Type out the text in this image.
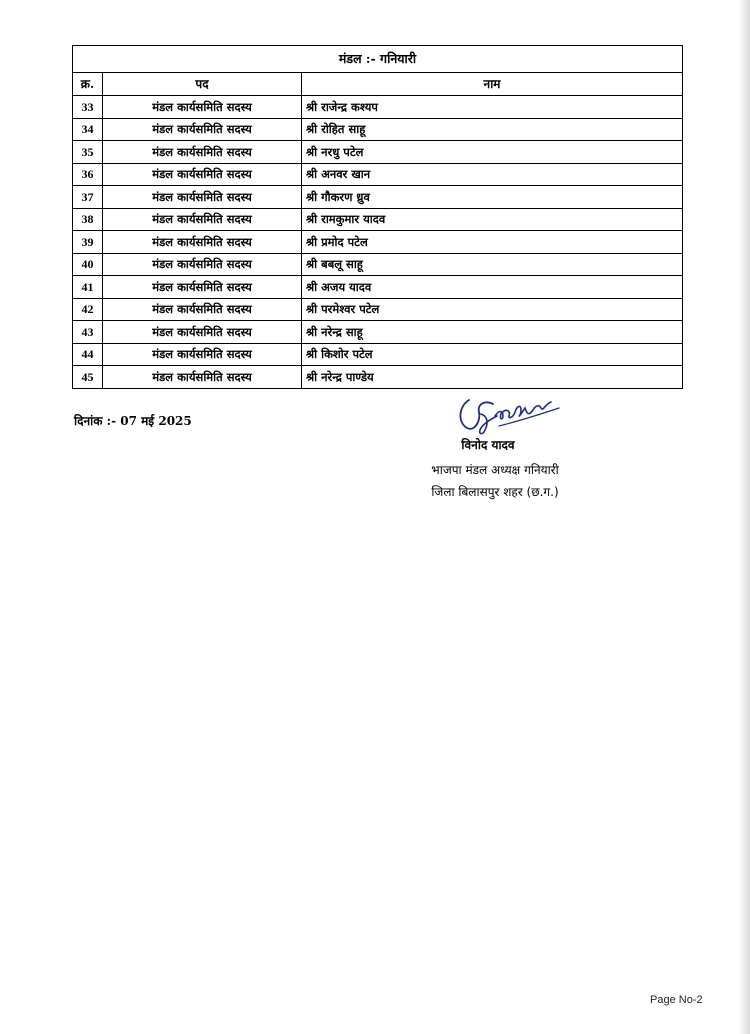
मंडल :- गनियारी		
क्र.	पद	नाम
33	मंडल कार्यसमिति सदस्य	श्री राजेन्द्र कश्यप
34	मंडल कार्यसमिति सदस्य	श्री रोहित साहू
35	मंडल कार्यसमिति सदस्य	श्री नरधु पटेल
36	मंडल कार्यसमिति सदस्य	श्री अनवर खान
37	मंडल कार्यसमिति सदस्य	श्री गौकरण ध्रुव
38	मंडल कार्यसमिति सदस्य	श्री रामकुमार यादव
39	मंडल कार्यसमिति सदस्य	श्री प्रमोद पटेल
40	मंडल कार्यसमिति सदस्य	श्री बबलू साहू
41	मंडल कार्यसमिति सदस्य	श्री अजय यादव
42	मंडल कार्यसमिति सदस्य	श्री परमेश्वर पटेल
43	मंडल कार्यसमिति सदस्य	श्री नरेन्द्र साहू
44	मंडल कार्यसमिति सदस्य	श्री किशोर पटेल
45	मंडल कार्यसमिति सदस्य	श्री नरेन्द्र पाण्डेय
दिनांक :- 07 मई 2025
विनोद यादव
भाजपा मंडल अध्यक्ष गनियारी
जिला बिलासपुर शहर (छ.ग.)
Page No-2
